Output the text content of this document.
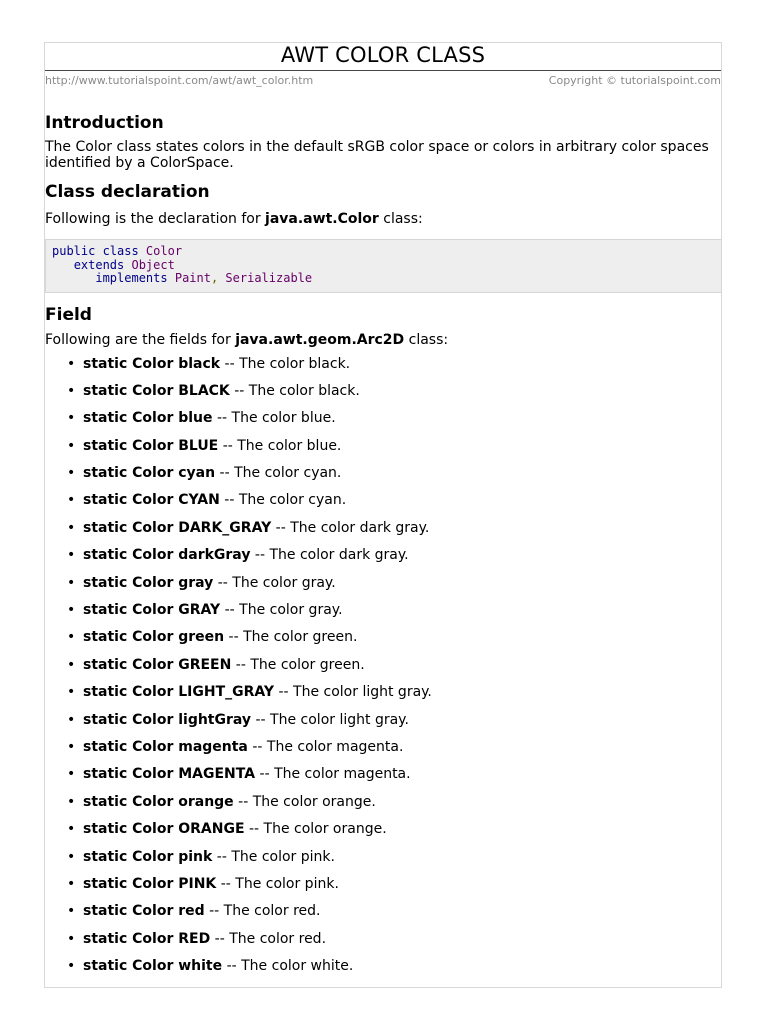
AWT COLOR CLASS
http://www.tutorialspoint.com/awt/awt_color.htm	Copyright © tutorialspoint.com
Introduction

The Color class states colors in the default sRGB color space or colors in arbitrary color spaces identified by a ColorSpace.

Class declaration

Following is the declaration for java.awt.Color class:

public class Color
extends Object
implements Paint, Serializable
Field

Following are the fields for java.awt.geom.Arc2D class:

• static Color black -- The color black.
• static Color BLACK -- The color black.
• static Color blue -- The color blue.
• static Color BLUE -- The color blue.
• static Color cyan -- The color cyan.
• static Color CYAN -- The color cyan.
• static Color DARK_GRAY -- The color dark gray.
• static Color darkGray -- The color dark gray.
• static Color gray -- The color gray.
• static Color GRAY -- The color gray.
• static Color green -- The color green.
• static Color GREEN -- The color green.
• static Color LIGHT_GRAY -- The color light gray.
• static Color lightGray -- The color light gray.
• static Color magenta -- The color magenta.
• static Color MAGENTA -- The color magenta.
• static Color orange -- The color orange.
• static Color ORANGE -- The color orange.
• static Color pink -- The color pink.
• static Color PINK -- The color pink.
• static Color red -- The color red.
• static Color RED -- The color red.
• static Color white -- The color white.
